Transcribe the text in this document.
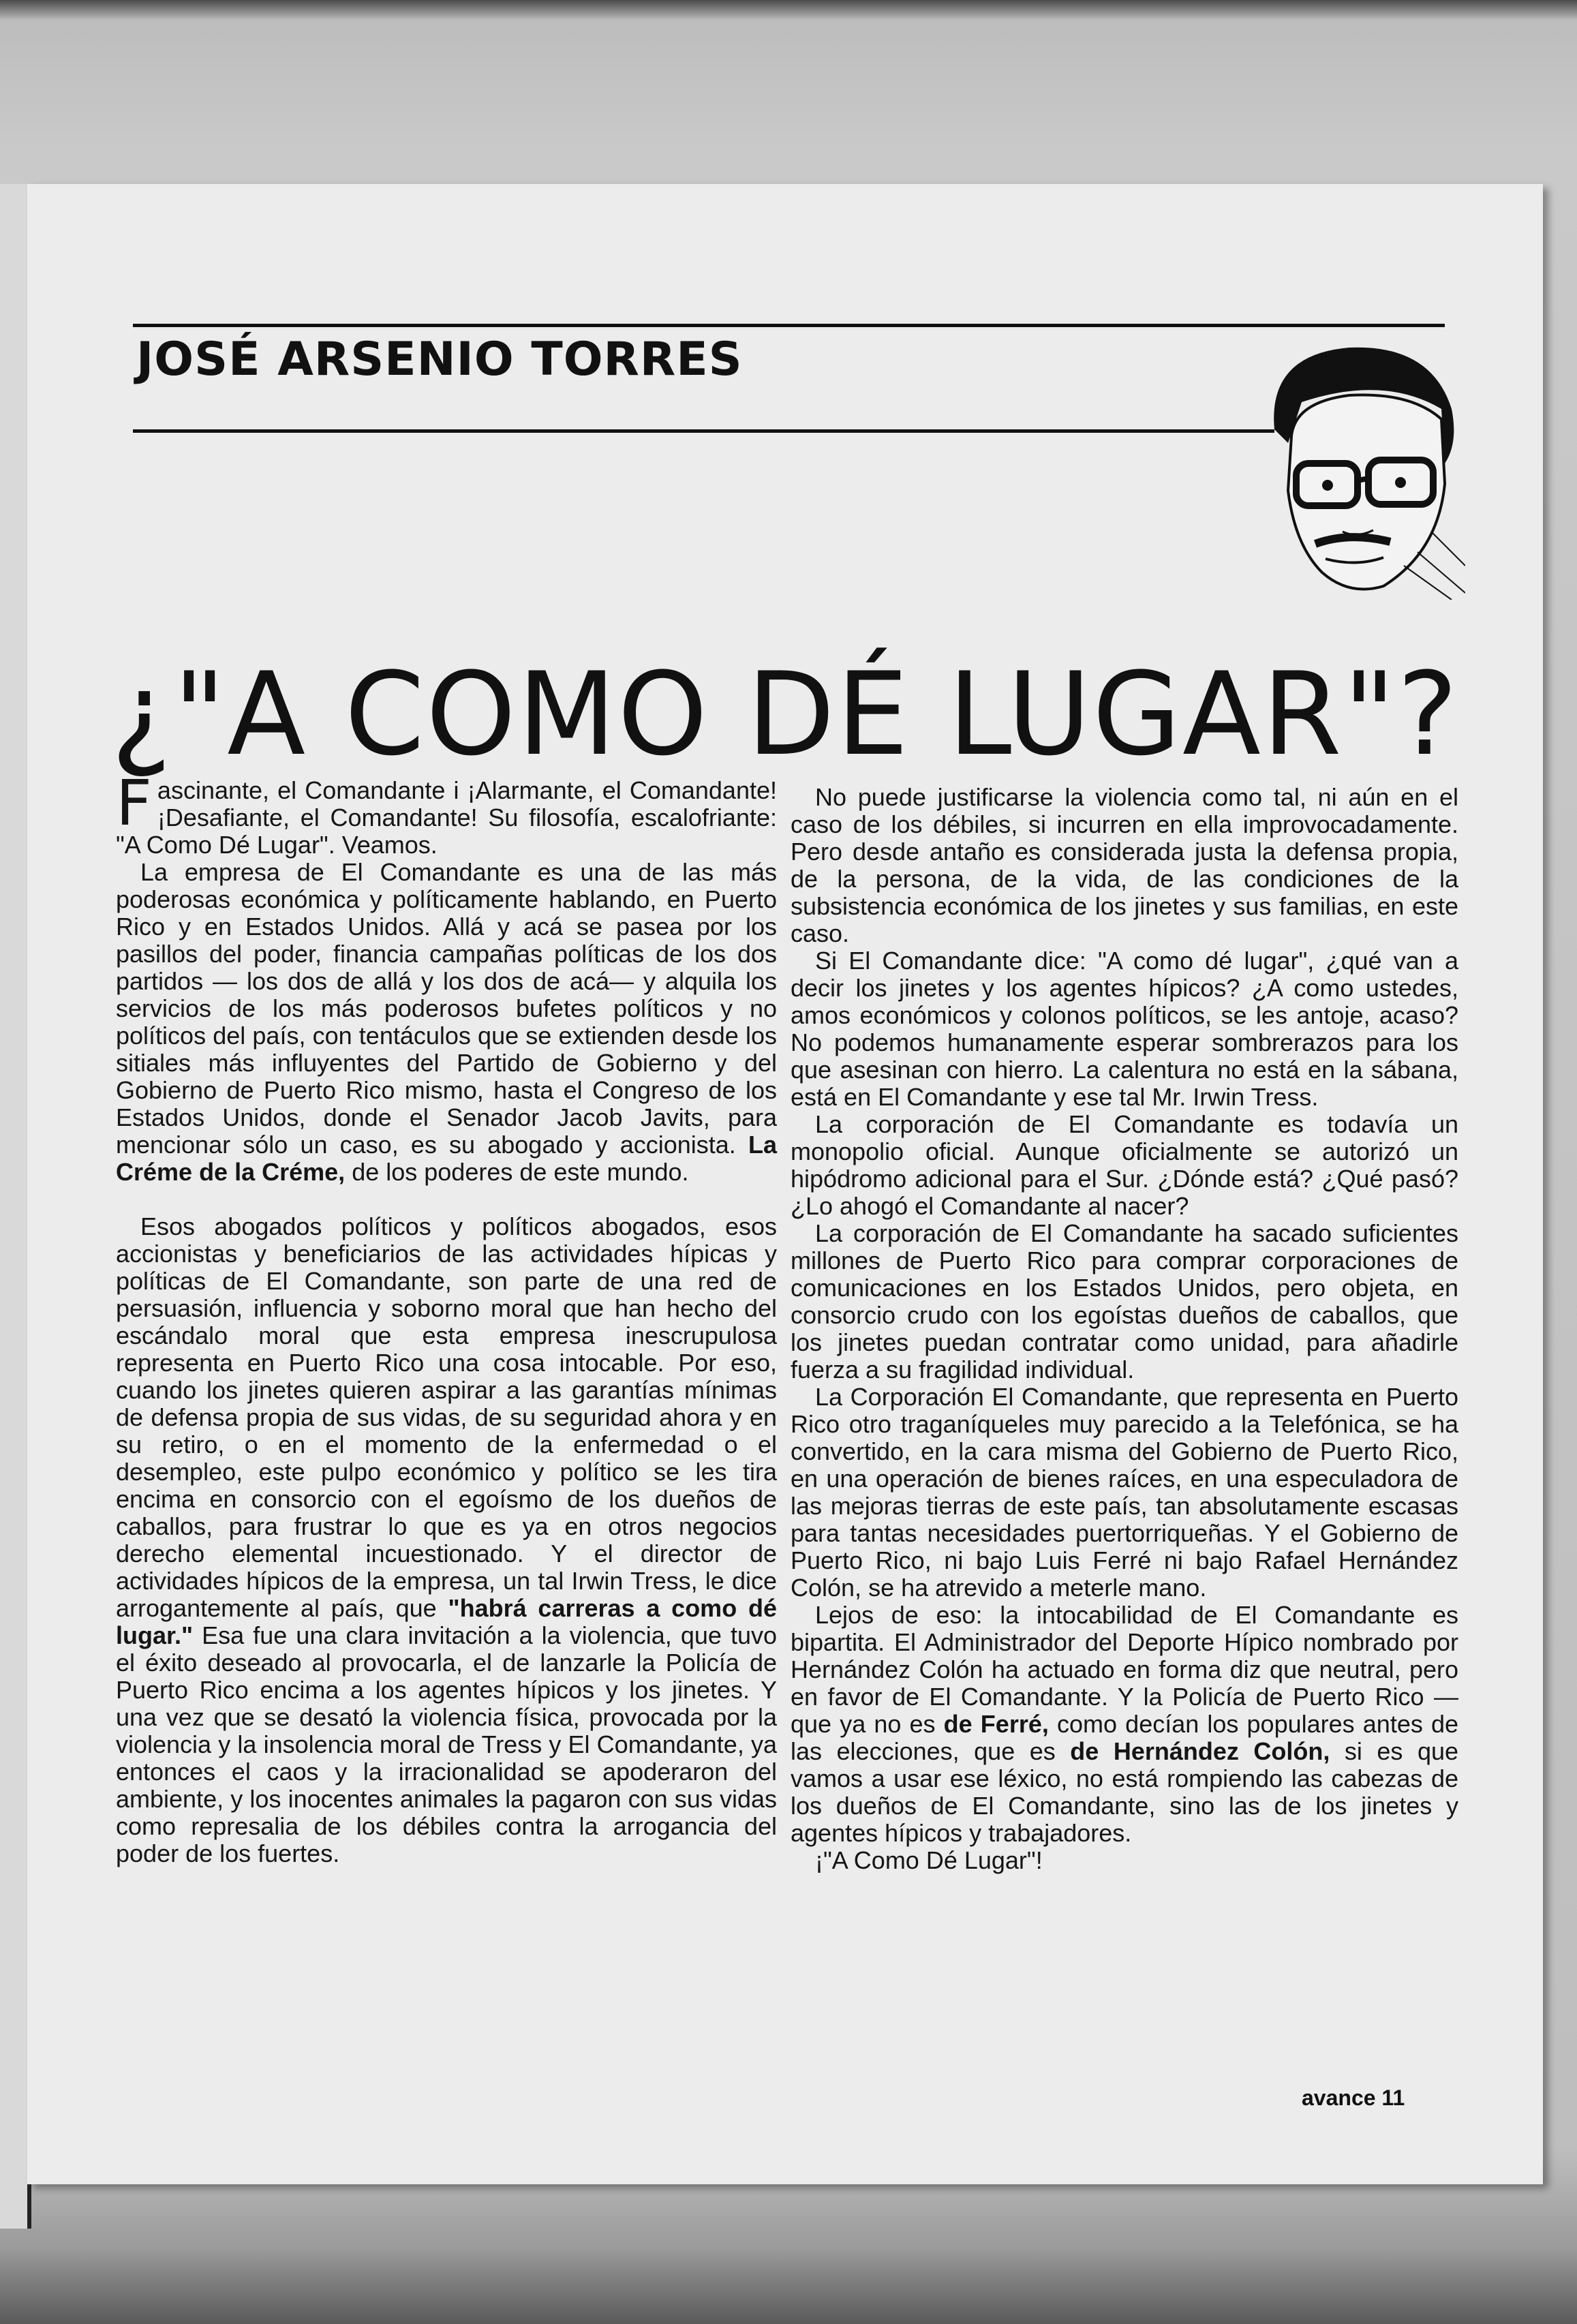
JOSÉ ARSENIO TORRES
¿"A COMO DÉ LUGAR"?

Fascinante, el Comandante i ¡Alarmante, el Comandante! ¡Desafiante, el Comandante! Su filosofía, escalofriante: "A Como Dé Lugar". Veamos.

La empresa de El Comandante es una de las más poderosas económica y políticamente hablando, en Puerto Rico y en Estados Unidos. Allá y acá se pasea por los pasillos del poder, financia campañas políticas de los dos partidos — los dos de allá y los dos de acá— y alquila los servicios de los más poderosos bufetes políticos y no políticos del país, con tentáculos que se extienden desde los sitiales más influyentes del Partido de Gobierno y del Gobierno de Puerto Rico mismo, hasta el Congreso de los Estados Unidos, donde el Senador Jacob Javits, para mencionar sólo un caso, es su abogado y accionista. La Créme de la Créme, de los poderes de este mundo.

Esos abogados políticos y políticos abogados, esos accionistas y beneficiarios de las actividades hípicas y políticas de El Comandante, son parte de una red de persuasión, influencia y soborno moral que han hecho del escándalo moral que esta empresa inescrupulosa representa en Puerto Rico una cosa intocable. Por eso, cuando los jinetes quieren aspirar a las garantías mínimas de defensa propia de sus vidas, de su seguridad ahora y en su retiro, o en el momento de la enfermedad o el desempleo, este pulpo económico y político se les tira encima en consorcio con el egoísmo de los dueños de caballos, para frustrar lo que es ya en otros negocios derecho elemental incuestionado. Y el director de actividades hípicos de la empresa, un tal Irwin Tress, le dice arrogantemente al país, que "habrá carreras a como dé lugar." Esa fue una clara invitación a la violencia, que tuvo el éxito deseado al provocarla, el de lanzarle la Policía de Puerto Rico encima a los agentes hípicos y los jinetes. Y una vez que se desató la violencia física, provocada por la violencia y la insolencia moral de Tress y El Comandante, ya entonces el caos y la irracionalidad se apoderaron del ambiente, y los inocentes animales la pagaron con sus vidas como represalia de los débiles contra la arrogancia del poder de los fuertes.

No puede justificarse la violencia como tal, ni aún en el caso de los débiles, si incurren en ella improvocadamente. Pero desde antaño es considerada justa la defensa propia, de la persona, de la vida, de las condiciones de la subsistencia económica de los jinetes y sus familias, en este caso.

Si El Comandante dice: "A como dé lugar", ¿qué van a decir los jinetes y los agentes hípicos? ¿A como ustedes, amos económicos y colonos políticos, se les antoje, acaso? No podemos humanamente esperar sombrerazos para los que asesinan con hierro. La calentura no está en la sábana, está en El Comandante y ese tal Mr. Irwin Tress.

La corporación de El Comandante es todavía un monopolio oficial. Aunque oficialmente se autorizó un hipódromo adicional para el Sur. ¿Dónde está? ¿Qué pasó? ¿Lo ahogó el Comandante al nacer?

La corporación de El Comandante ha sacado suficientes millones de Puerto Rico para comprar corporaciones de comunicaciones en los Estados Unidos, pero objeta, en consorcio crudo con los egoístas dueños de caballos, que los jinetes puedan contratar como unidad, para añadirle fuerza a su fragilidad individual.

La Corporación El Comandante, que representa en Puerto Rico otro traganíqueles muy parecido a la Telefónica, se ha convertido, en la cara misma del Gobierno de Puerto Rico, en una operación de bienes raíces, en una especuladora de las mejoras tierras de este país, tan absolutamente escasas para tantas necesidades puertorriqueñas. Y el Gobierno de Puerto Rico, ni bajo Luis Ferré ni bajo Rafael Hernández Colón, se ha atrevido a meterle mano.

Lejos de eso: la intocabilidad de El Comandante es bipartita. El Administrador del Deporte Hípico nombrado por Hernández Colón ha actuado en forma diz que neutral, pero en favor de El Comandante. Y la Policía de Puerto Rico —que ya no es de Ferré, como decían los populares antes de las elecciones, que es de Hernández Colón, si es que vamos a usar ese léxico, no está rompiendo las cabezas de los dueños de El Comandante, sino las de los jinetes y agentes hípicos y trabajadores.

¡"A Como Dé Lugar"!

avance 11
